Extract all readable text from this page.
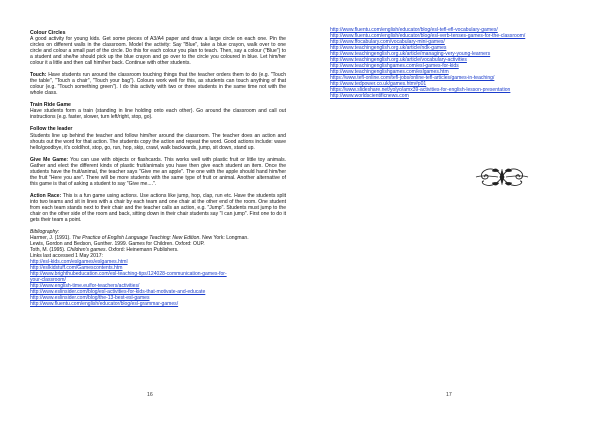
Colour Circles

A good activity for young kids. Get some pieces of A3/A4 paper and draw a large circle on each one. Pin the circles on different walls in the classroom. Model the activity: Say "Blue", take a blue crayon, walk over to one circle and colour a small part of the circle. Do this for each colour you plan to teach. Then, say a colour ("Blue") to a student and she/he should pick up the blue crayon and go over to the circle you coloured in blue. Let him/her colour it a little and then call him/her back. Continue with other students.

Touch: Have students run around the classroom touching things that the teacher orders them to do (e.g. "Touch the table", "Touch a chair", "Touch your bag"). Colours work well for this, as students can touch anything of that colour (e.g. "Touch something green"). I do this activity with two or three students in the same time not with the whole class.

Train Ride Game

Have students form a train (standing in line holding onto each other). Go around the classroom and call out instructions (e.g. faster, slower, turn left/right, stop, go).

Follow the leader

Students line up behind the teacher and follow him/her around the classroom. The teacher does an action and shouts out the word for that action. The students copy the action and repeat the word. Good actions include: wave hello/goodbye, it's cold/hot, stop, go, run, hop, skip, crawl, walk backwards, jump, sit down, stand up.

Give Me Game: You can use with objects or flashcards. This works well with plastic fruit or little toy animals. Gather and elect the different kinds of plastic fruit/animals you have then give each student an item. Once the students have the fruit/animal, the teacher says "Give me an apple". The one with the apple should hand him/her the fruit "Here you are". There will be more students with the same type of fruit or animal. Another alternative of this game is that of asking a student to say "Give me....".

Action Race: This is a fun game using actions. Use actions like jump, hop, clap, run etc. Have the students split into two teams and sit in lines with a chair by each team and one chair at the other end of the room. One student from each team stands next to their chair and the teacher calls an action, e.g. "Jump". Students must jump to the chair on the other side of the room and back, sitting down in their chair students say "I can jump". First one to do it gets their team a point.

Bibliography:

Harmer, J. (1991). The Practice of English Language Teaching: New Edition. New York: Longman.

Lewis, Gordon and Bedson, Gunther. 1999. Games for Children. Oxford: OUP.

Toth, M. (1995). Children's games. Oxford: Heinemann Publishers.

Links last accessed 1 May 2017:

http://esl-kids.com/eslgames/eslgames.html
http://eslkidstuff.com/Gamescontents.htm
http://www.brighthubeducation.com/esl-teaching-tips/124028-communication-games-for-
your-classroom/
http://www.english-time.eu/for-teachers/activities/
http://www.eslinsider.com/blog/esl-activities-for-kids-that-motivate-and-educate
http://www.eslinsider.com/blog/the-13-best-esl-games
http://www.fluentu.com/english/educator/blog/esl-grammar-games/
16
http://www.fluentu.com/english/educator/blog/esl-tefl-efl-vocabulary-games/
http://www.fluentu.com/english/educator/blog/esl-verb-tenses-games-for-the-classroom/
http://www.ffocabulary.com/vocabulary-mini-games/
http://www.teachingenglish.org.uk/article/ndk-games
http://www.teachingenglish.org.uk/article/managing-very-young-learners
http://www.teachingenglish.org.uk/article/vocabulary-activities
http://www.teachingenglishgames.com/esl-games-for-kids
http://www.teachingenglishgames.com/eslgames.htm
https://www.tefl-online.com/tefl-jobs/online-tefl-articles/games-in-teaching/
http://www.tedpower.co.uk/games.htm#p01
https://www.slideshare.net/yolyo/amx39-activities-for-english-lesson-presentation
http://www.worldscientificnews.com
17
